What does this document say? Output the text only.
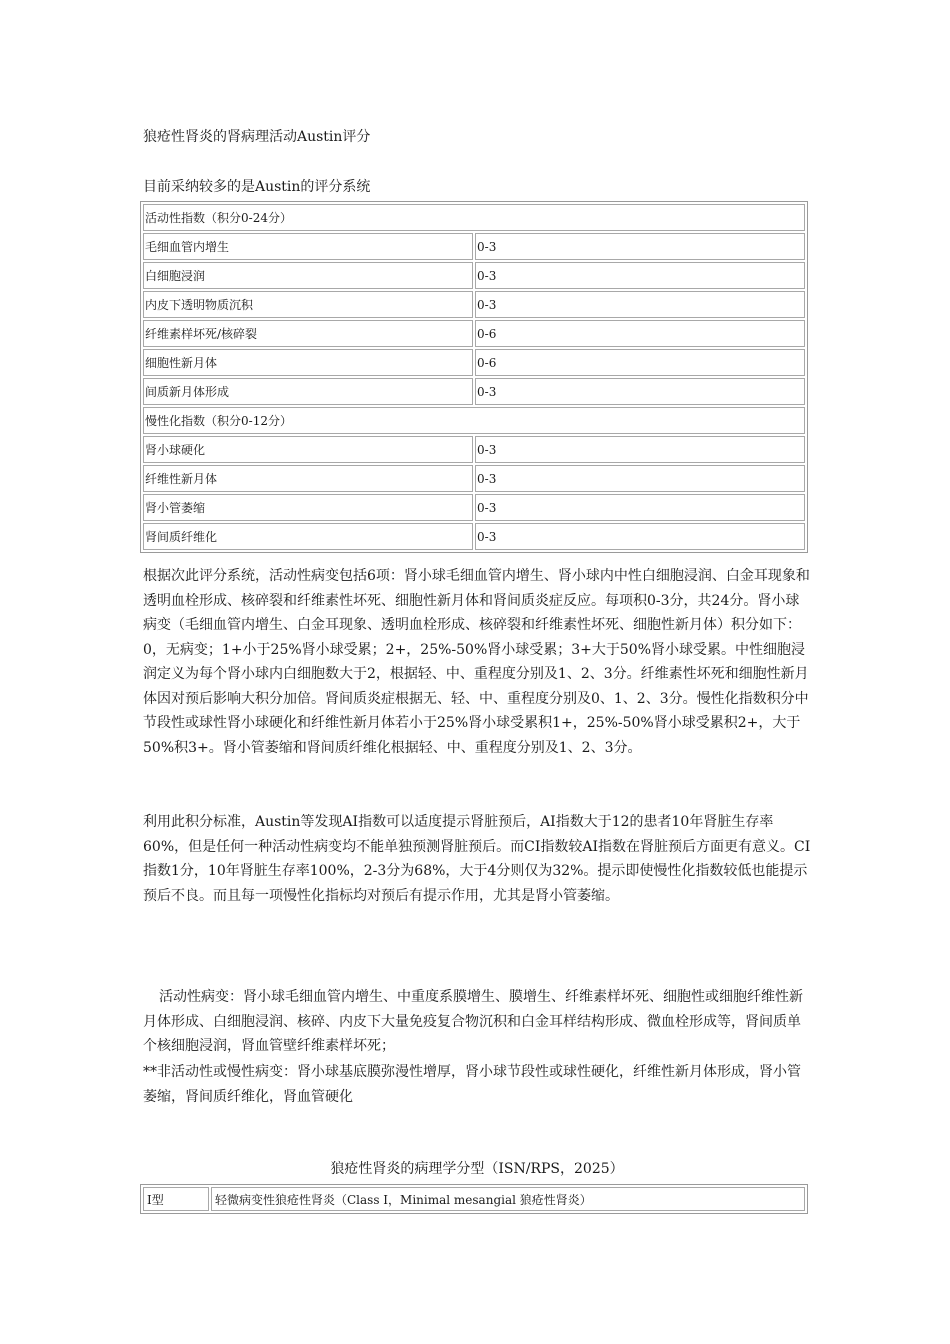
狼疮性肾炎的肾病理活动Austin评分
目前采纳较多的是Austin的评分系统
活动性指数（积分0-24分）	
毛细血管内增生	0-3
白细胞浸润	0-3
内皮下透明物质沉积	0-3
纤维素样坏死/核碎裂	0-6
细胞性新月体	0-6
间质新月体形成	0-3
慢性化指数（积分0-12分）	
肾小球硬化	0-3
纤维性新月体	0-3
肾小管萎缩	0-3
肾间质纤维化	0-3
根据次此评分系统，活动性病变包括6项：肾小球毛细血管内增生、肾小球内中性白细胞浸润、白金耳现象和透明血栓形成、核碎裂和纤维素性坏死、细胞性新月体和肾间质炎症反应。每项积0-3分，共24分。肾小球病变（毛细血管内增生、白金耳现象、透明血栓形成、核碎裂和纤维素性坏死、细胞性新月体）积分如下：0，无病变；1+小于25%肾小球受累；2+，25%-50%肾小球受累；3+大于50%肾小球受累。中性细胞浸润定义为每个肾小球内白细胞数大于2，根据轻、中、重程度分别及1、2、3分。纤维素性坏死和细胞性新月体因对预后影响大积分加倍。肾间质炎症根据无、轻、中、重程度分别及0、1、2、3分。慢性化指数积分中节段性或球性肾小球硬化和纤维性新月体若小于25%肾小球受累积1+，25%-50%肾小球受累积2+，大于50%积3+。肾小管萎缩和肾间质纤维化根据轻、中、重程度分别及1、2、3分。
利用此积分标准，Austin等发现AI指数可以适度提示肾脏预后，AI指数大于12的患者10年肾脏生存率60%，但是任何一种活动性病变均不能单独预测肾脏预后。而CI指数较AI指数在肾脏预后方面更有意义。CI指数1分，10年肾脏生存率100%，2-3分为68%，大于4分则仅为32%。提示即使慢性化指数较低也能提示预后不良。而且每一项慢性化指标均对预后有提示作用，尤其是肾小管萎缩。
活动性病变：肾小球毛细血管内增生、中重度系膜增生、膜增生、纤维素样坏死、细胞性或细胞纤维性新月体形成、白细胞浸润、核碎、内皮下大量免疫复合物沉积和白金耳样结构形成、微血栓形成等，肾间质单个核细胞浸润，肾血管壁纤维素样坏死；
**非活动性或慢性病变：肾小球基底膜弥漫性增厚，肾小球节段性或球性硬化，纤维性新月体形成，肾小管萎缩，肾间质纤维化，肾血管硬化
狼疮性肾炎的病理学分型（ISN/RPS，2025）
Ⅰ型	轻微病变性狼疮性肾炎（Class Ⅰ，Minimal mesangial 狼疮性肾炎）
